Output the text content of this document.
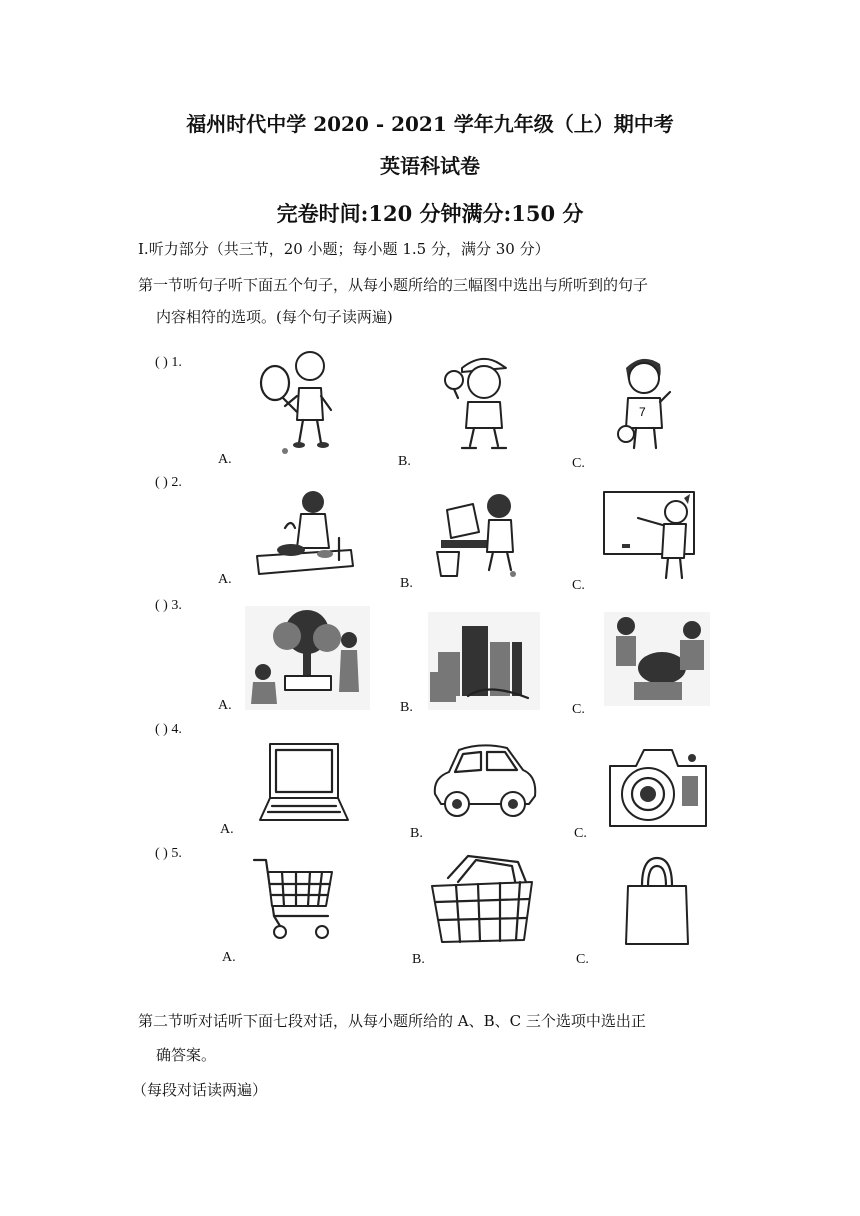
福州时代中学 2020 - 2021 学年九年级（上）期中考
英语科试卷
完卷时间:120 分钟满分:150 分
I.听力部分（共三节，20 小题；每小题 1.5 分，满分 30 分）
第一节听句子听下面五个句子，从每小题所给的三幅图中选出与所听到的句子
内容相符的选项。(每个句子读两遍)
( ) 1.
A.	B.	C.
7
( ) 2.
A.	B.	C.
( ) 3.
A.	B.	C.
( ) 4.
A.	B.	C.
( ) 5.
A.	B.	C.
第二节听对话听下面七段对话，从每小题所给的 A、B、C 三个选项中选出正
确答案。
（每段对话读两遍）
